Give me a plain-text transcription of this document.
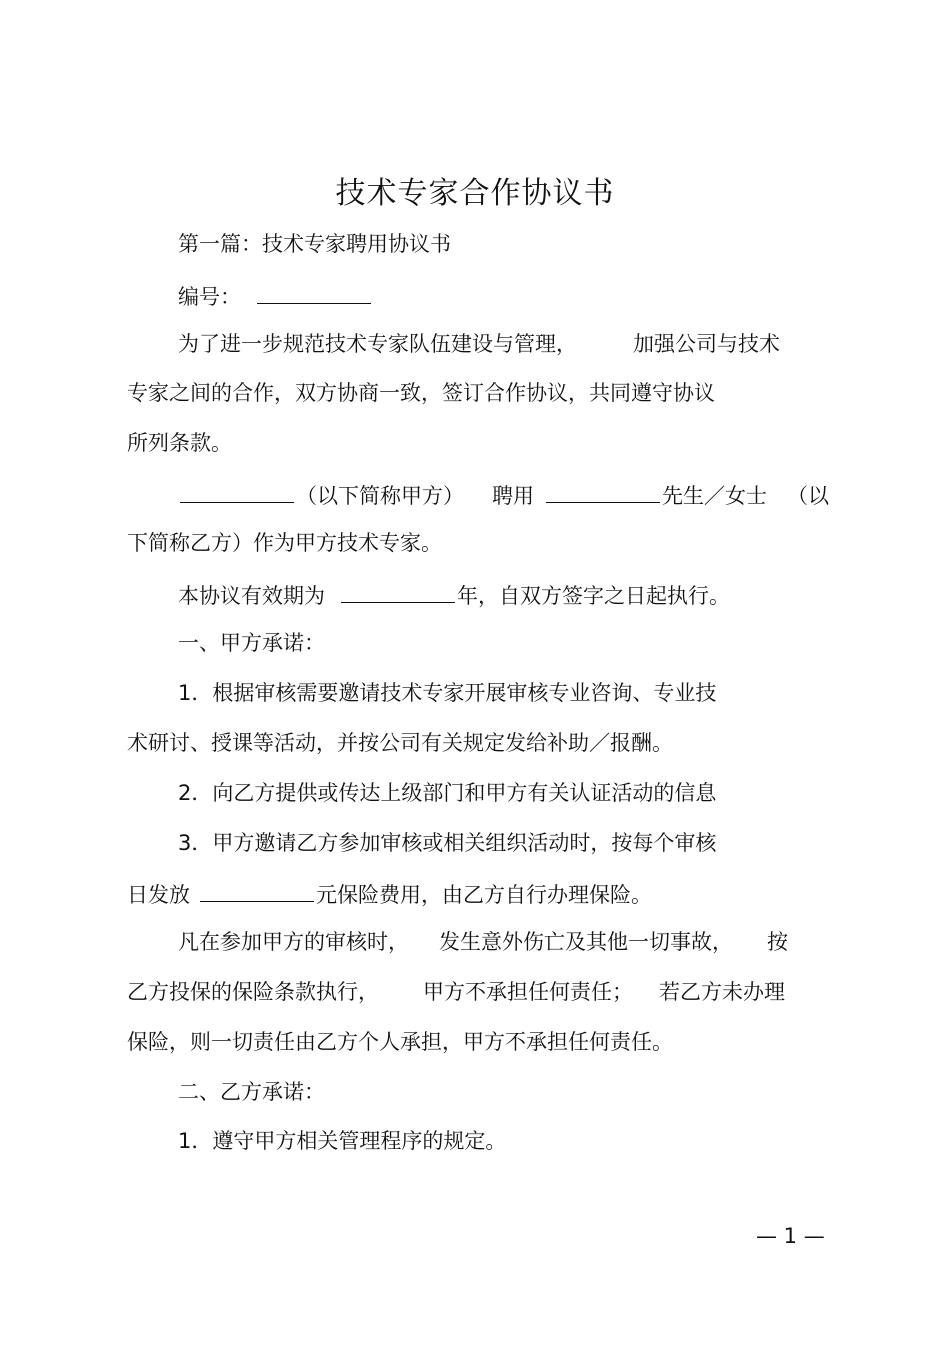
技术专家合作协议书
第一篇：技术专家聘用协议书
编号：
为了进一步规范技术专家队伍建设与管理，	加强公司与技术
专家之间的合作，双方协商一致，签订合作协议，共同遵守协议
所列条款。
（以下简称甲方） 聘用	先生／女士 （以
下简称乙方）作为甲方技术专家。
本协议有效期为	年，自双方签字之日起执行。
一、甲方承诺：
1．根据审核需要邀请技术专家开展审核专业咨询、专业技
术研讨、授课等活动，并按公司有关规定发给补助／报酬。
2．向乙方提供或传达上级部门和甲方有关认证活动的信息
3．甲方邀请乙方参加审核或相关组织活动时，按每个审核
日发放	元保险费用，由乙方自行办理保险。
凡在参加甲方的审核时， 发生意外伤亡及其他一切事故， 按
乙方投保的保险条款执行， 甲方不承担任何责任； 若乙方未办理
保险，则一切责任由乙方个人承担，甲方不承担任何责任。
二、乙方承诺：
1．遵守甲方相关管理程序的规定。
— 1 —
